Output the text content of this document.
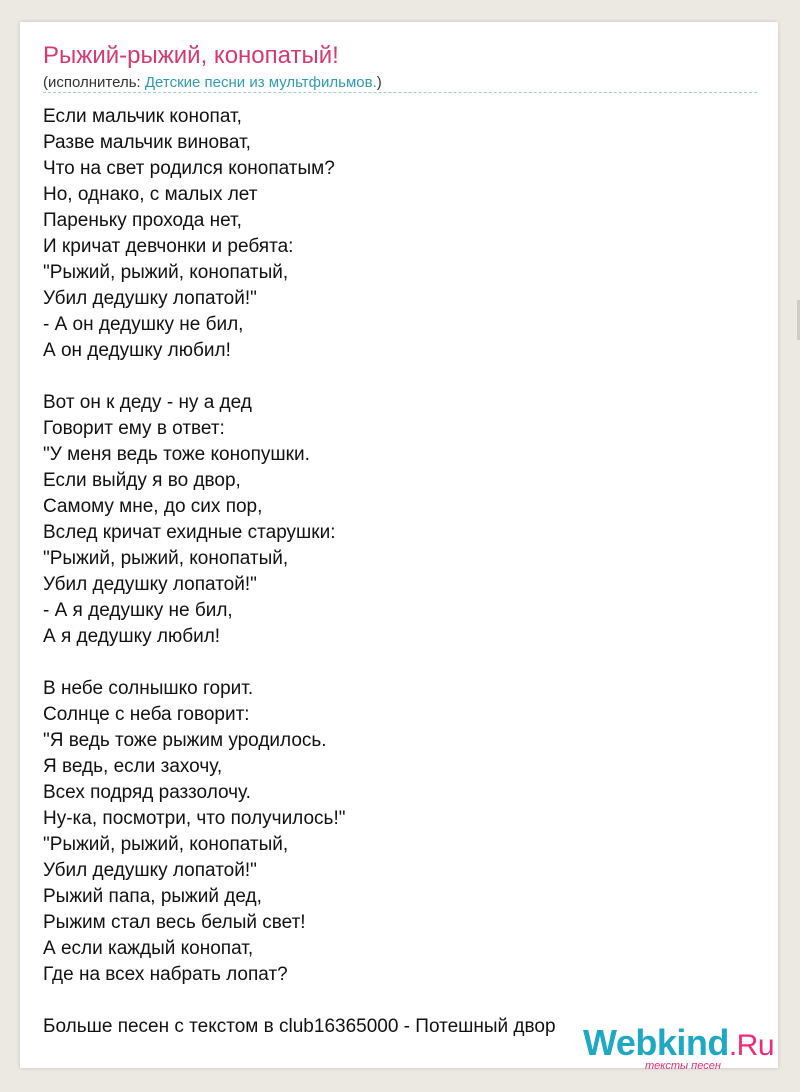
Рыжий-рыжий, конопатый!
(исполнитель: Детские песни из мультфильмов.)
Если мальчик конопат,
Разве мальчик виноват,
Что на свет родился конопатым?
Но, однако, с малых лет
Пареньку прохода нет,
И кричат девчонки и ребята:
"Рыжий, рыжий, конопатый,
Убил дедушку лопатой!"
- А он дедушку не бил,
А он дедушку любил!
Вот он к деду - ну а дед
Говорит ему в ответ:
"У меня ведь тоже конопушки.
Если выйду я во двор,
Самому мне, до сих пор,
Вслед кричат ехидные старушки:
"Рыжий, рыжий, конопатый,
Убил дедушку лопатой!"
- А я дедушку не бил,
А я дедушку любил!
В небе солнышко горит.
Солнце с неба говорит:
"Я ведь тоже рыжим уродилось.
Я ведь, если захочу,
Всех подряд раззолочу.
Ну-ка, посмотри, что получилось!"
"Рыжий, рыжий, конопатый,
Убил дедушку лопатой!"
Рыжий папа, рыжий дед,
Рыжим стал весь белый свет!
А если каждый конопат,
Где на всех набрать лопат?
Больше песен с текстом в club16365000 - Потешный двор Webkind.Ru
тексты песен
